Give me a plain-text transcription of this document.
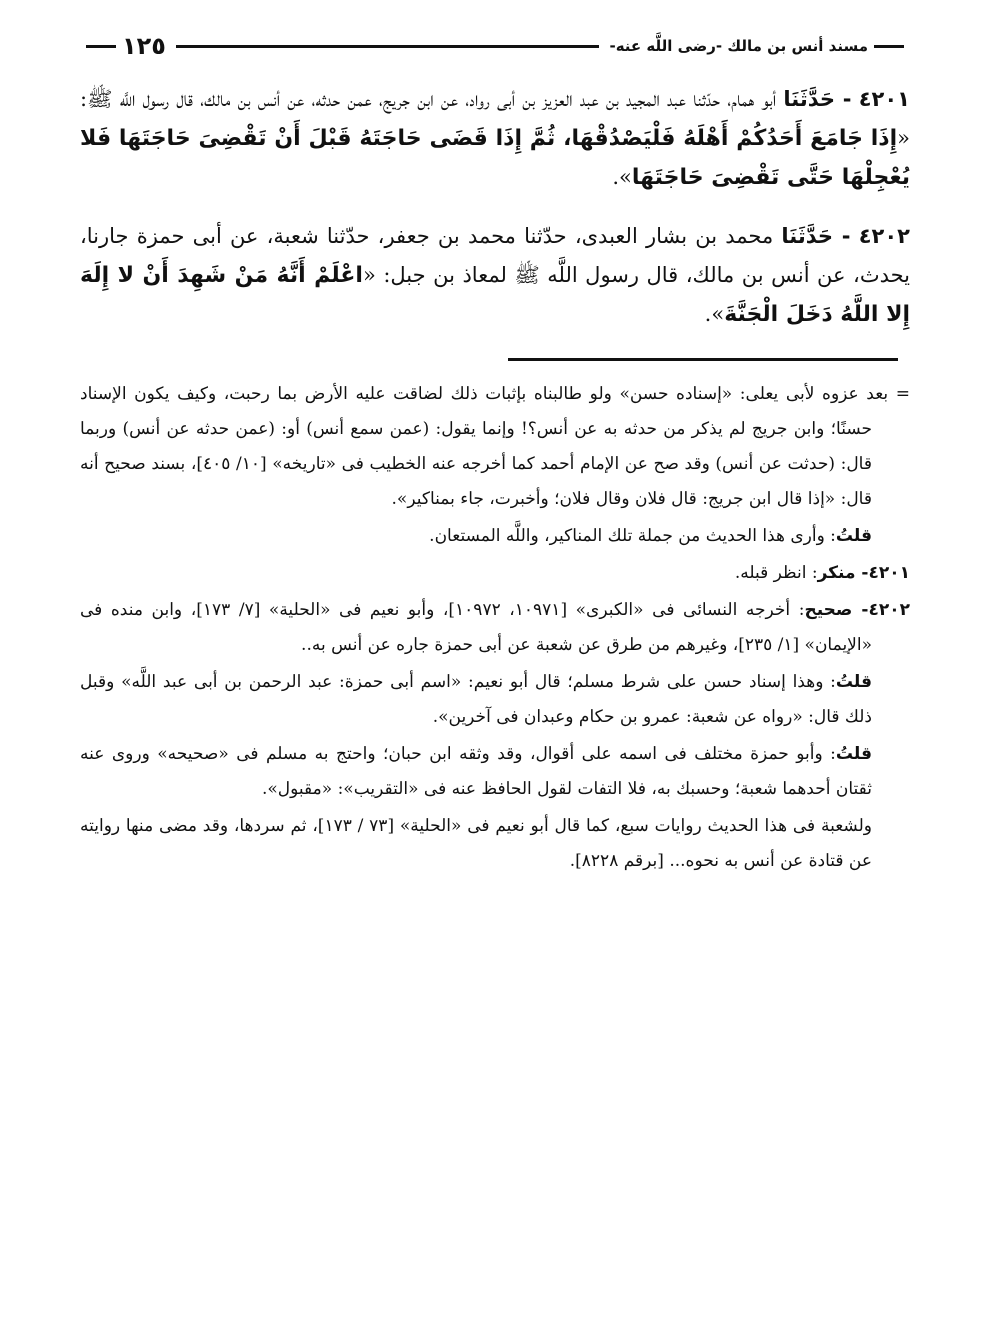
مسند أنس بن مالك -رضى اللَّه عنه-
١٢٥

٤٢٠١ - حَدَّثَنَا أبو همام، حدّثنا عبد المجيد بن عبد العزيز بن أبى رواد، عن ابن جريج، عمن حدثه، عن أنس بن مالك، قال رسول اللَّه ﷺ: «إِذَا جَامَعَ أَحَدُكُمْ أَهْلَهُ فَلْيَصْدُقْهَا، ثُمَّ إِذَا قَضَى حَاجَتَهُ قَبْلَ أَنْ تَقْضِىَ حَاجَتَهَا فَلا يُعْجِلْهَا حَتَّى تَقْضِىَ حَاجَتَهَا».

٤٢٠٢ - حَدَّثَنَا محمد بن بشار العبدى، حدّثنا محمد بن جعفر، حدّثنا شعبة، عن أبى حمزة جارنا، يحدث، عن أنس بن مالك، قال رسول اللَّه ﷺ لمعاذ بن جبل: «اعْلَمْ أَنَّهُ مَنْ شَهِدَ أَنْ لا إِلَهَ إِلا اللَّهُ دَخَلَ الْجَنَّةَ».

= بعد عزوه لأبى يعلى: «إسناده حسن» ولو طالبناه بإثبات ذلك لضاقت عليه الأرض بما رحبت، وكيف يكون الإسناد حسنًا؛ وابن جريج لم يذكر من حدثه به عن أنس؟! وإنما يقول: (عمن سمع أنس) أو: (عمن حدثه عن أنس) وربما قال: (حدثت عن أنس) وقد صح عن الإمام أحمد كما أخرجه عنه الخطيب فى «تاريخه» [١٠/ ٤٠٥]، بسند صحيح أنه قال: «إذا قال ابن جريج: قال فلان وقال فلان؛ وأخبرت، جاء بمناكير».

قلتُ: وأرى هذا الحديث من جملة تلك المناكير، واللَّه المستعان.

٤٢٠١- منكر: انظر قبله.

٤٢٠٢- صحيح: أخرجه النسائى فى «الكبرى» [١٠٩٧١، ١٠٩٧٢]، وأبو نعيم فى «الحلية» [٧/ ١٧٣]، وابن منده فى «الإيمان» [١/ ٢٣٥]، وغيرهم من طرق عن شعبة عن أبى حمزة جاره عن أنس به..

قلتُ: وهذا إسناد حسن على شرط مسلم؛ قال أبو نعيم: «اسم أبى حمزة: عبد الرحمن بن أبى عبد اللَّه» وقبل ذلك قال: «رواه عن شعبة: عمرو بن حكام وعبدان فى آخرين».

قلتُ: وأبو حمزة مختلف فى اسمه على أقوال، وقد وثقه ابن حبان؛ واحتج به مسلم فى «صحيحه» وروى عنه ثقتان أحدهما شعبة؛ وحسبك به، فلا التفات لقول الحافظ عنه فى «التقريب»: «مقبول».

ولشعبة فى هذا الحديث روايات سبع، كما قال أبو نعيم فى «الحلية» [٧٣ / ١٧٣]، ثم سردها، وقد مضى منها روايته عن قتادة عن أنس به نحوه... [برقم ٨٢٢٨].
